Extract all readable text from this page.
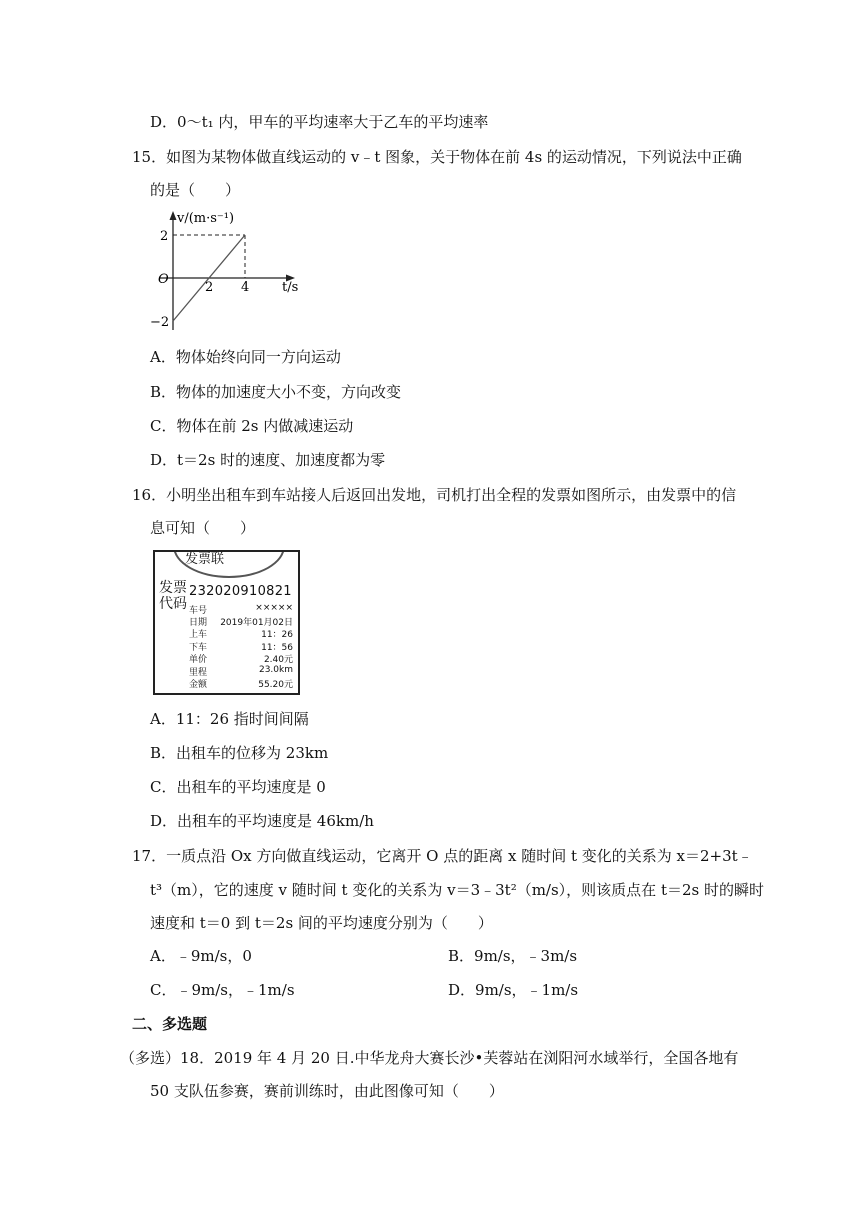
D．0～t₁ 内，甲车的平均速率大于乙车的平均速率
15．如图为某物体做直线运动的 v﹣t 图象，关于物体在前 4s 的运动情况，下列说法中正确
的是（　　）
v/(m·s⁻¹)
t/s
O
2 4
2
−2
A．物体始终向同一方向运动
B．物体的加速度大小不变，方向改变
C．物体在前 2s 内做减速运动
D．t＝2s 时的速度、加速度都为零
16．小明坐出租车到车站接人后返回出发地，司机打出全程的发票如图所示，由发票中的信
息可知（　　）
发票联
发票代码
232020910821
车号	×××××
日期 2019年01月02日
上车	11：26
下车	11：56
单价	2.40元
里程	23.0km
金额	55.20元
A．11：26 指时间间隔
B．出租车的位移为 23km
C．出租车的平均速度是 0
D．出租车的平均速度是 46km/h
17．一质点沿 Ox 方向做直线运动，它离开 O 点的距离 x 随时间 t 变化的关系为 x＝2+3t﹣
t³（m），它的速度 v 随时间 t 变化的关系为 v＝3﹣3t²（m/s），则该质点在 t＝2s 时的瞬时
速度和 t＝0 到 t＝2s 间的平均速度分别为（　　）
A．﹣9m/s，0	B．9m/s，﹣3m/s
C．﹣9m/s，﹣1m/s	D．9m/s，﹣1m/s
二、多选题
（多选）18．2019 年 4 月 20 日.中华龙舟大赛长沙•芙蓉站在浏阳河水域举行，全国各地有
50 支队伍参赛，赛前训练时，由此图像可知（　　）
